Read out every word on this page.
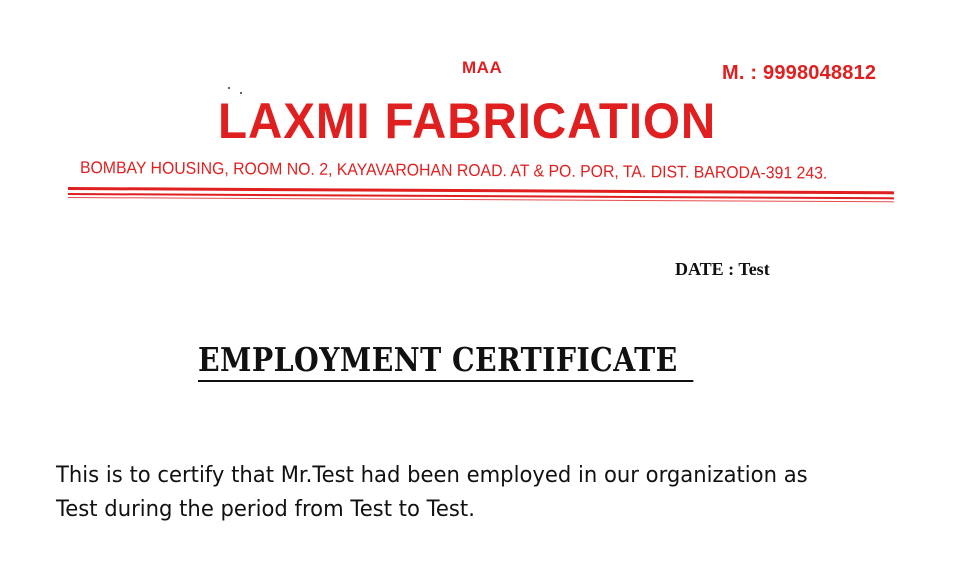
MAA	M. : 9998048812
LAXMI FABRICATION
BOMBAY HOUSING, ROOM NO. 2, KAYAVAROHAN ROAD. AT & PO. POR, TA. DIST. BARODA-391 243.
DATE : Test
EMPLOYMENT CERTIFICATE
This is to certify that Mr.Test had been employed in our organization as
Test during the period from Test to Test.
